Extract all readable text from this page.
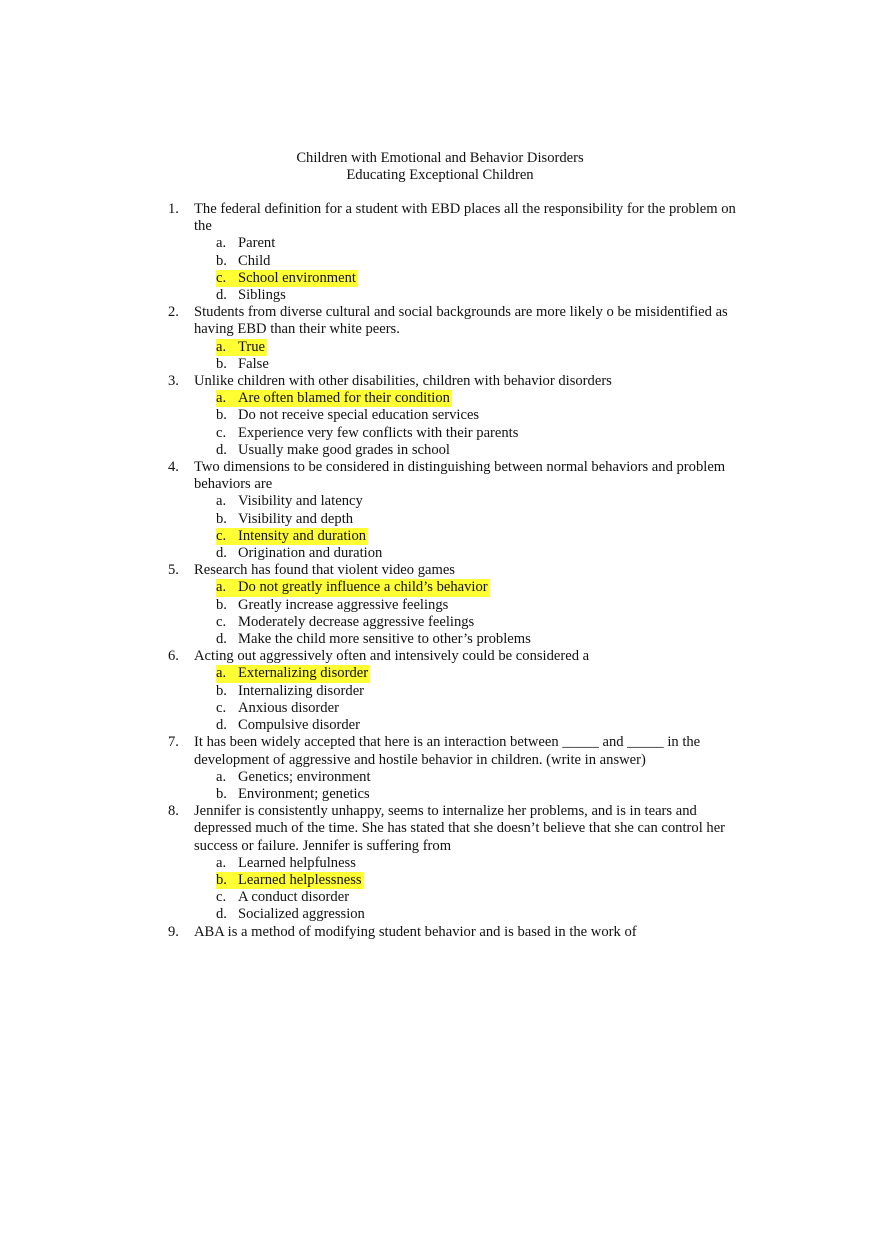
Children with Emotional and Behavior Disorders
Educating Exceptional Children
1.	The federal definition for a student with EBD places all the responsibility for the problem on the
a. Parent
b. Child
c. School environment
d. Siblings
2.	Students from diverse cultural and social backgrounds are more likely o be misidentified as having EBD than their white peers.
a. True
b. False
3.	Unlike children with other disabilities, children with behavior disorders
a. Are often blamed for their condition
b. Do not receive special education services
c. Experience very few conflicts with their parents
d. Usually make good grades in school
4.	Two dimensions to be considered in distinguishing between normal behaviors and problem behaviors are
a. Visibility and latency
b. Visibility and depth
c. Intensity and duration
d. Origination and duration
5.	Research has found that violent video games
a. Do not greatly influence a child’s behavior
b. Greatly increase aggressive feelings
c. Moderately decrease aggressive feelings
d. Make the child more sensitive to other’s problems
6.	Acting out aggressively often and intensively could be considered a
a. Externalizing disorder
b. Internalizing disorder
c. Anxious disorder
d. Compulsive disorder
7.	It has been widely accepted that here is an interaction between _____ and _____ in the development of aggressive and hostile behavior in children. (write in answer)
a. Genetics; environment
b. Environment; genetics
8.	Jennifer is consistently unhappy, seems to internalize her problems, and is in tears and depressed much of the time. She has stated that she doesn’t believe that she can control her success or failure. Jennifer is suffering from
a. Learned helpfulness
b. Learned helplessness
c. A conduct disorder
d. Socialized aggression
9.	ABA is a method of modifying student behavior and is based in the work of
